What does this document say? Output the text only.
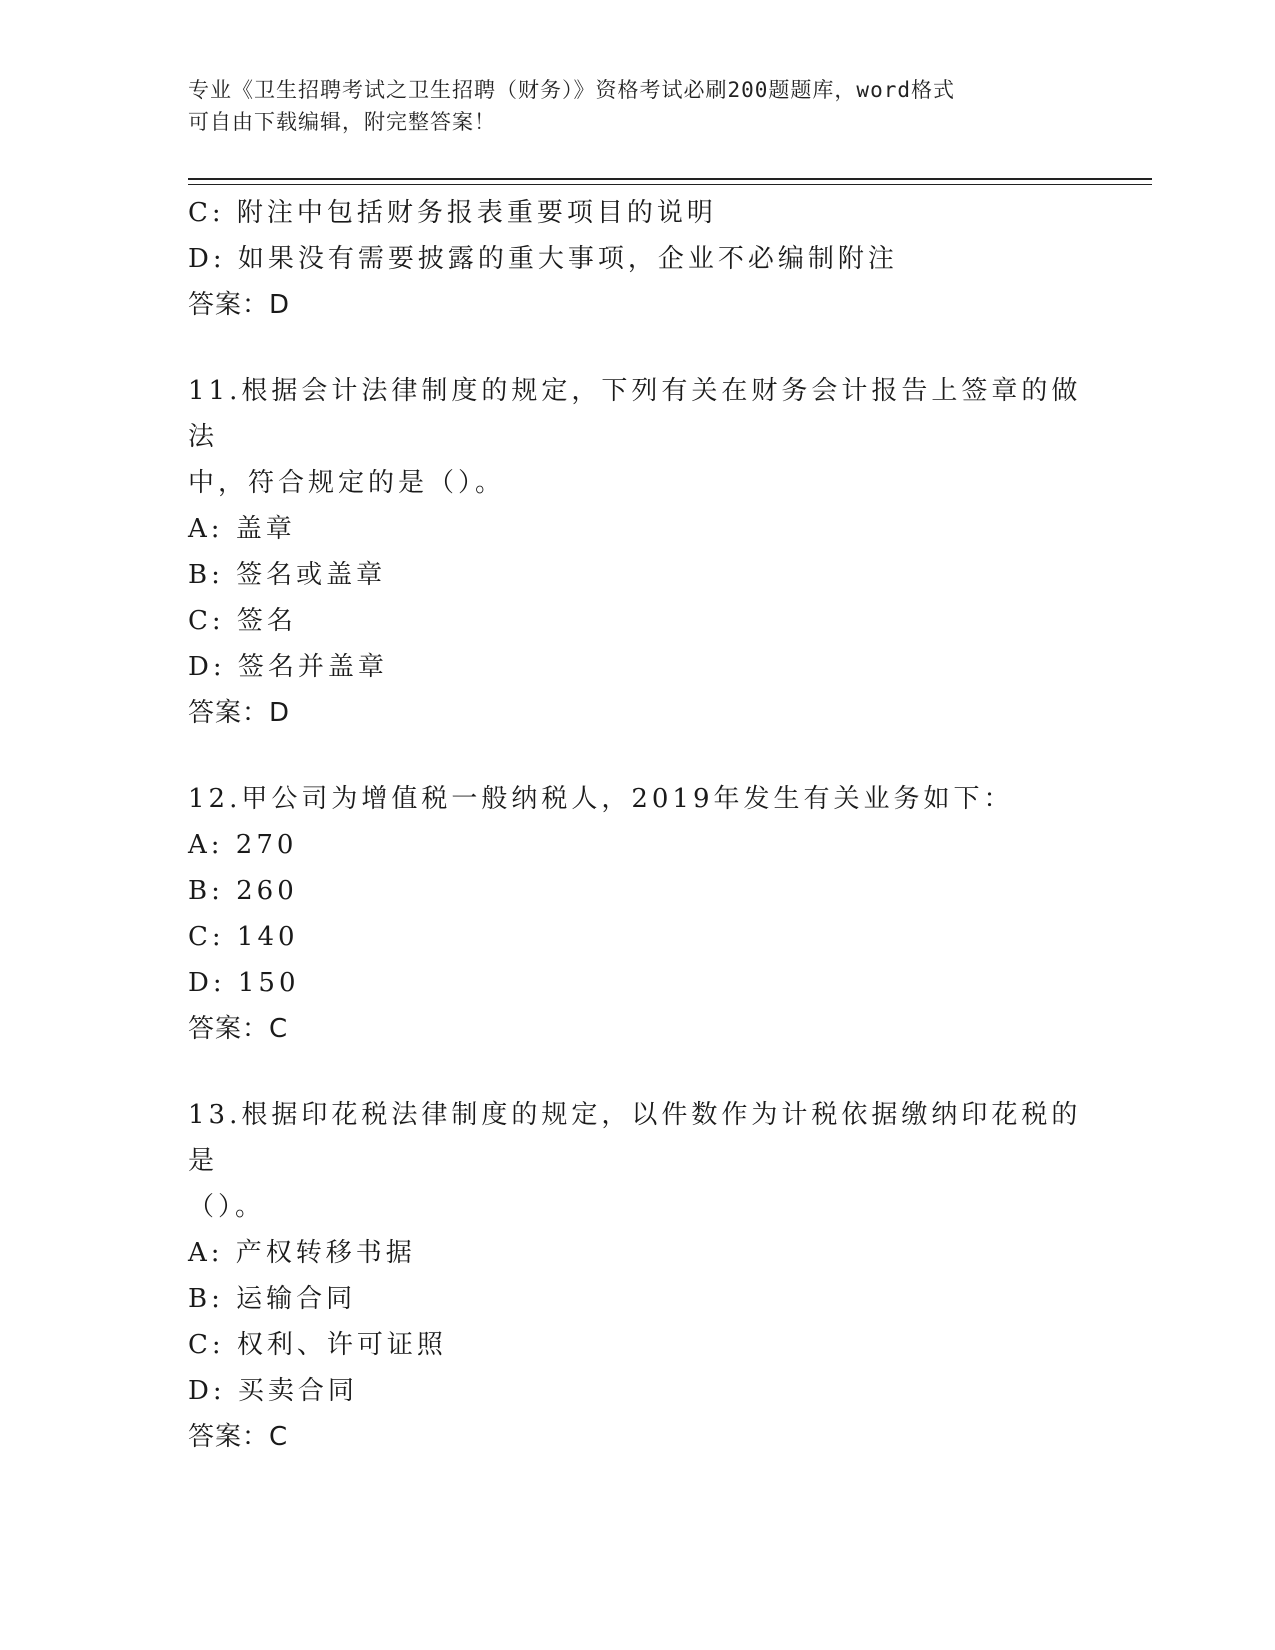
专业《卫生招聘考试之卫生招聘（财务）》资格考试必刷200题题库，word格式
可自由下载编辑，附完整答案！
C: 附注中包括财务报表重要项目的说明
D: 如果没有需要披露的重大事项，企业不必编制附注
答案：D
11.根据会计法律制度的规定，下列有关在财务会计报告上签章的做法
中，符合规定的是（）。
A: 盖章
B: 签名或盖章
C: 签名
D: 签名并盖章
答案：D
12.甲公司为增值税一般纳税人，2019年发生有关业务如下：
A: 270
B: 260
C: 140
D: 150
答案：C
13.根据印花税法律制度的规定，以件数作为计税依据缴纳印花税的是
（）。
A: 产权转移书据
B: 运输合同
C: 权利、许可证照
D: 买卖合同
答案：C
